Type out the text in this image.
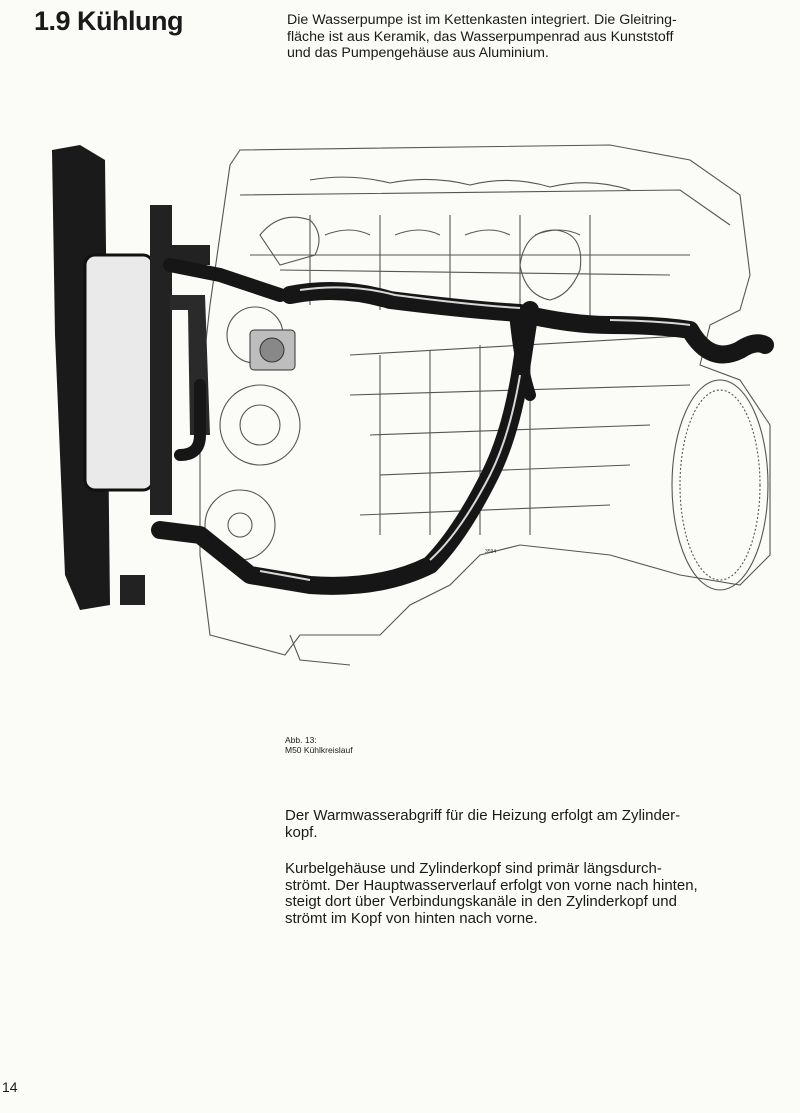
1.9 Kühlung	Die Wasserpumpe ist im Kettenkasten integriert. Die Gleitring-
fläche ist aus Keramik, das Wasserpumpenrad aus Kunststoff
und das Pumpengehäuse aus Aluminium.
3594
Abb. 13:
M50 Kühlkreislauf
Der Warmwasserabgriff für die Heizung erfolgt am Zylinder-
kopf.
Kurbelgehäuse und Zylinderkopf sind primär längsdurch-
strömt. Der Hauptwasserverlauf erfolgt von vorne nach hinten,
steigt dort über Verbindungskanäle in den Zylinderkopf und
strömt im Kopf von hinten nach vorne.
14
